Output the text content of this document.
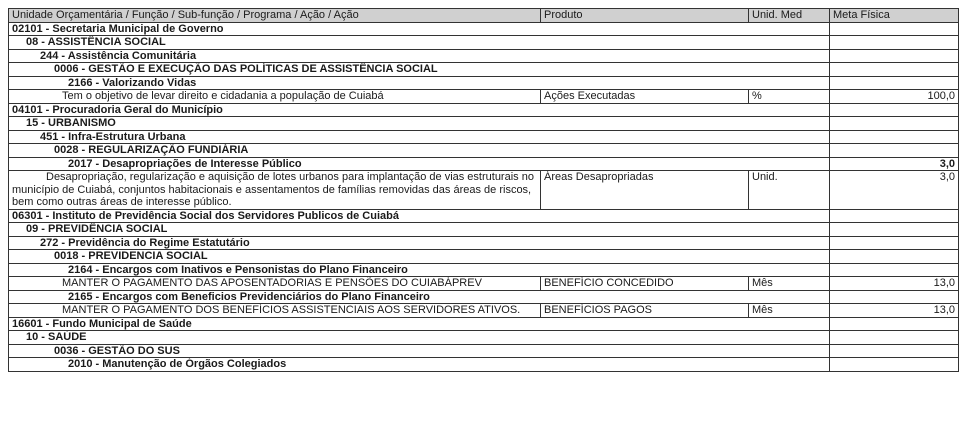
Unidade Orçamentária / Função / Sub-função / Programa / Ação / Ação	Produto	Unid. Med	Meta Física
02101 - Secretaria Municipal de Governo			
08 - ASSISTÊNCIA SOCIAL			
244 - Assistência Comunitária			
0006 - GESTÃO E EXECUÇÃO DAS POLÍTICAS DE ASSISTÊNCIA SOCIAL			
2166 - Valorizando Vidas			
Tem o objetivo de levar direito e cidadania a população de Cuiabá	Ações Executadas	%	100,0
04101 - Procuradoria Geral do Município			
15 - URBANISMO			
451 - Infra-Estrutura Urbana			
0028 - REGULARIZAÇÃO FUNDIÁRIA			
2017 - Desapropriações de Interesse Público			3,0
Desapropriação, regularização e aquisição de lotes urbanos para implantação de vias estruturais no município de Cuiabá, conjuntos habitacionais e assentamentos de famílias removidas das áreas de riscos, bem como outras áreas de interesse público.	Áreas Desapropriadas	Unid.	3,0
06301 - Instituto de Previdência Social dos Servidores Publicos de Cuiabá			
09 - PREVIDÊNCIA SOCIAL			
272 - Previdência do Regime Estatutário			
0018 - PREVIDENCIA SOCIAL			
2164 - Encargos com Inativos e Pensonistas do Plano Financeiro			
MANTER O PAGAMENTO DAS APOSENTADORIAS E PENSÕES DO CUIABÁPREV	BENEFÍCIO CONCEDIDO	Mês	13,0
2165 - Encargos com Beneficios Previdenciários do Plano Financeiro			
MANTER O PAGAMENTO DOS BENEFÍCIOS ASSISTENCIAIS AOS SERVIDORES ATIVOS.	BENEFÍCIOS PAGOS	Mês	13,0
16601 - Fundo Municipal de Saúde			
10 - SAÚDE			
0036 - GESTÃO DO SUS			
2010 - Manutenção de Órgãos Colegiados			
